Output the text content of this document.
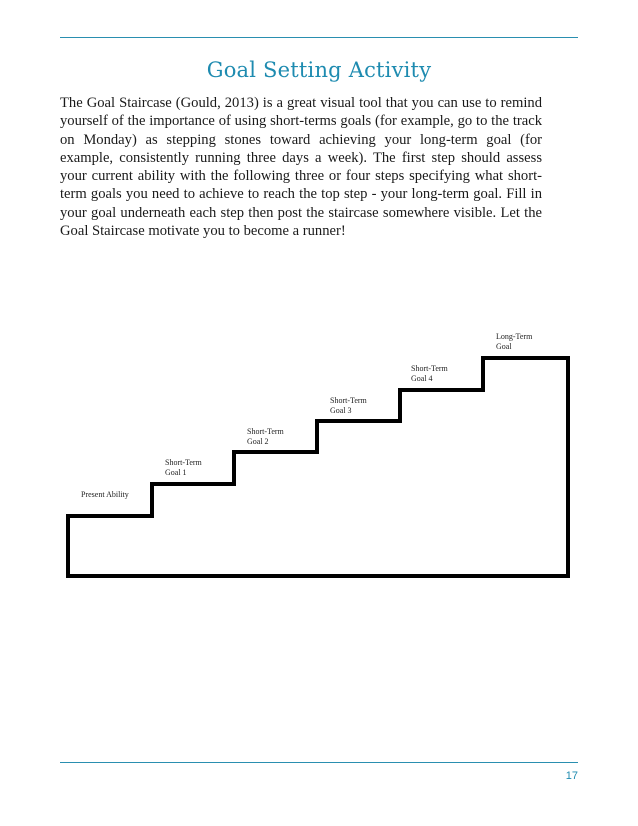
Goal Setting Activity

The Goal Staircase (Gould, 2013) is a great visual tool that you can use to remind yourself of the importance of using short-terms goals (for example, go to the track on Monday) as stepping stones toward achieving your long-term goal (for example, consistently running three days a week). The first step should assess your current ability with the following three or four steps specifying what short-term goals you need to achieve to reach the top step - your long-term goal. Fill in your goal underneath each step then post the staircase somewhere visible. Let the Goal Staircase motivate you to become a runner!

Present Ability
Short-Term Goal 1
Short-Term Goal 2
Short-Term Goal 3
Short-Term Goal 4
Long-Term Goal
17
